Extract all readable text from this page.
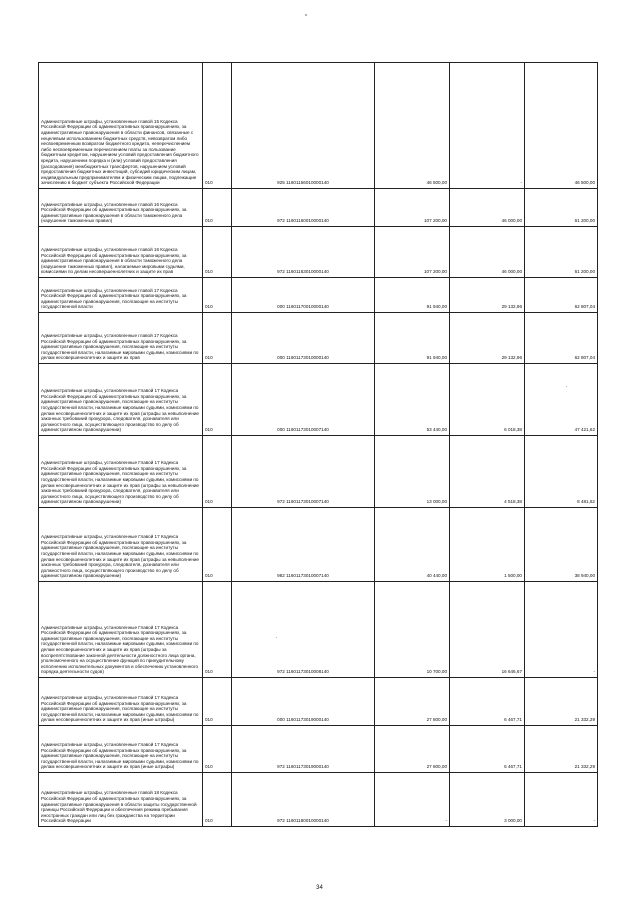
Административные штрафы, установленные главой 15 Кодекса Российской Федерации об административных правонарушениях, за административные правонарушения в области финансов, связанные с нецелевым использованием бюджетных средств, невозвратом либо несвоевременным возвратом бюджетного кредита, неперечислением либо несвоевременным перечислением платы за пользование бюджетным кредитом, нарушением условий предоставления бюджетного кредита, нарушением порядка и (или) условий предоставления (расходования) межбюджетных трансфертов, нарушением условий предоставления бюджетных инвестиций, субсидий юридическим лицам, индивидуальным предпринимателям и физическим лицам, подлежащие зачислению в бюджет субъекта Российской Федерации	010	925 11601156010000140	46 500,00	-	46 500,00
Административные штрафы, установленные главой 16 Кодекса Российской Федерации об административных правонарушениях, за административные правонарушения в области таможенного дела (нарушение таможенных правил)	010	972 11601160010000140	107 200,00	46 000,00	61 200,00
Административные штрафы, установленные главой 16 Кодекса Российской Федерации об административных правонарушениях, за административные правонарушения в области таможенного дела (нарушение таможенных правил), налагаемые мировыми судьями, комиссиями по делам несовершеннолетних и защите их прав	010	972 11601163010000140	107 200,00	46 000,00	61 200,00
Административные штрафы, установленные главой 17 Кодекса Российской Федерации об административных правонарушениях, за административные правонарушения, посягающие на институты государственной власти	010	000 11601170010000140	91 940,00	29 132,96	62 807,04
Административные штрафы, установленные главой 17 Кодекса Российской Федерации об административных правонарушениях, за административные правонарушения, посягающие на институты государственной власти, налагаемые мировыми судьями, комиссиями по делам несовершеннолетних и защите их прав	010	000 11601173010000140	91 940,00	29 132,96	62 807,04
Административные штрафы, установленные Главой 17 Кодекса Российской Федерации об административных правонарушениях, за административные правонарушения, посягающие на институты государственной власти, налагаемые мировыми судьями, комиссиями по делам несовершеннолетних и защите их прав (штрафы за невыполнение законных требований прокурора, следователя, дознавателя или должностного лица, осуществляющего производство по делу об административном правонарушении)	010	000 11601173010007140	53 440,00	6 018,38	47 421,62
Административные штрафы, установленные Главой 17 Кодекса Российской Федерации об административных правонарушениях, за административные правонарушения, посягающие на институты государственной власти, налагаемые мировыми судьями, комиссиями по делам несовершеннолетних и защите их прав (штрафы за невыполнение законных требований прокурора, следователя, дознавателя или должностного лица, осуществляющего производство по делу об административном правонарушении)	010	972 11601173010007140	13 000,00	4 518,38	8 481,62
Административные штрафы, установленные Главой 17 Кодекса Российской Федерации об административных правонарушениях, за административные правонарушения, посягающие на институты государственной власти, налагаемые мировыми судьями, комиссиями по делам несовершеннолетних и защите их прав (штрафы за невыполнение законных требований прокурора, следователя, дознавателя или должностного лица, осуществляющего производство по делу об административном правонарушении)	010	982 11601173010007140	40 440,00	1 500,00	38 940,00
Административные штрафы, установленные Главой 17 Кодекса Российской Федерации об административных правонарушениях, за административные правонарушения, посягающие на институты государственной власти, налагаемые мировыми судьями, комиссиями по делам несовершеннолетних и защите их прав (штрафы за воспрепятствование законной деятельности должностного лица органа, уполномоченного на осуществление функций по принудительному исполнению исполнительных документов и обеспечению установленного порядка деятельности судов)	010	972 11601173010008140	10 700,00	16 646,67	-
Административные штрафы, установленные Главой 17 Кодекса Российской Федерации об административных правонарушениях, за административные правонарушения, посягающие на институты государственной власти, налагаемые мировыми судьями, комиссиями по делам несовершеннолетних и защите их прав (иные штрафы)	010	000 11601173019000140	27 800,00	6 467,71	21 332,29
Административные штрафы, установленные Главой 17 Кодекса Российской Федерации об административных правонарушениях, за административные правонарушения, посягающие на институты государственной власти, налагаемые мировыми судьями, комиссиями по делам несовершеннолетних и защите их прав (иные штрафы)	010	972 11601173019000140	27 800,00	6 467,71	21 332,29
Административные штрафы, установленные главой 18 Кодекса Российской Федерации об административных правонарушениях, за административные правонарушения в области защиты государственной границы Российской Федерации и обеспечения режима пребывания иностранных граждан или лиц без гражданства на территории Российской Федерации	010	972 11601180010000140	-	3 000,00	-
34
